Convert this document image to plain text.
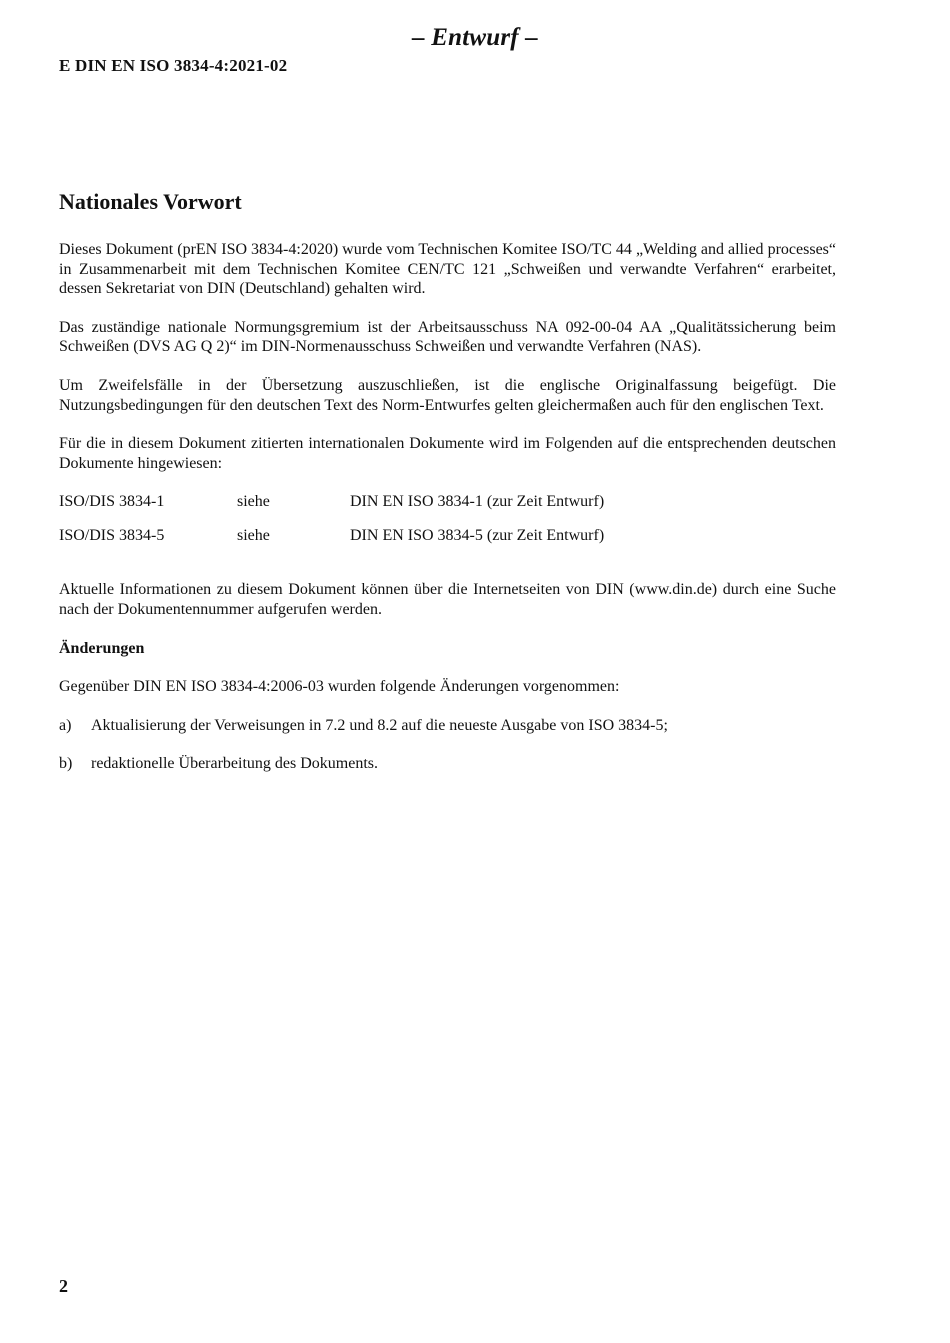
– Entwurf –
E DIN EN ISO 3834-4:2021-02
Nationales Vorwort

Dieses Dokument (prEN ISO 3834-4:2020) wurde vom Technischen Komitee ISO/TC 44 „Welding and allied processes“ in Zusammenarbeit mit dem Technischen Komitee CEN/TC 121 „Schweißen und verwandte Verfahren“ erarbeitet, dessen Sekretariat von DIN (Deutschland) gehalten wird.

Das zuständige nationale Normungsgremium ist der Arbeitsausschuss NA 092-00-04 AA „Qualitätssicherung beim Schweißen (DVS AG Q 2)“ im DIN-Normenausschuss Schweißen und verwandte Verfahren (NAS).

Um Zweifelsfälle in der Übersetzung auszuschließen, ist die englische Originalfassung beigefügt. Die Nutzungsbedingungen für den deutschen Text des Norm-Entwurfes gelten gleichermaßen auch für den englischen Text.

Für die in diesem Dokument zitierten internationalen Dokumente wird im Folgenden auf die entsprechenden deutschen Dokumente hingewiesen:

ISO/DIS 3834-1	siehe	DIN EN ISO 3834-1 (zur Zeit Entwurf)
ISO/DIS 3834-5	siehe	DIN EN ISO 3834-5 (zur Zeit Entwurf)

Aktuelle Informationen zu diesem Dokument können über die Internetseiten von DIN (www.din.de) durch eine Suche nach der Dokumentennummer aufgerufen werden.

Änderungen

Gegenüber DIN EN ISO 3834-4:2006-03 wurden folgende Änderungen vorgenommen:

a)	Aktualisierung der Verweisungen in 7.2 und 8.2 auf die neueste Ausgabe von ISO 3834-5;
b)	redaktionelle Überarbeitung des Dokuments.
2
